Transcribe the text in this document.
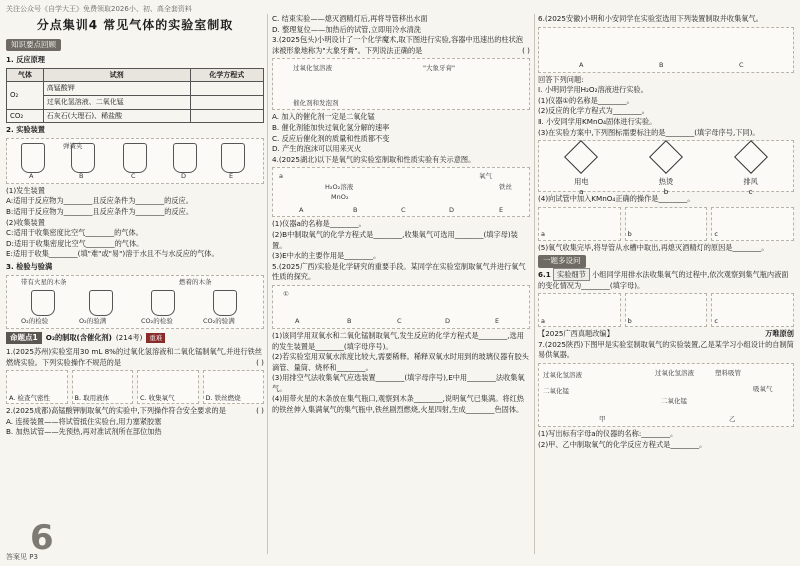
关注公众号《自学大王》免费领取2026小、初、高全套资料
分点集训4 常见气体的实验室制取
知识要点回顾
1. 反应原理
气体	试剂	化学方程式
O₂	高锰酸钾	
	过氧化氢溶液、二氧化锰	
CO₂	石灰石(大理石)、稀盐酸	
2. 实验装置
弹簧夹
A	B	C	D	E
(1)发生装置
A:适用于反应物为________且反应条件为________的反应。
B:适用于反应物为________且反应条件为________的反应。
(2)收集装置
C:适用于收集密度比空气________的气体。
D:适用于收集密度比空气________的气体。
E:适用于收集________(填"难"或"易")溶于水且不与水反应的气体。
3. 检验与验满
带有火星的木条	燃着的木条
O₂的检验	O₂的验满	CO₂的检验	CO₂的验满
命题点1	O₂的制取(含催化剂) (214考)	重难
1.(2025苏州)实验室用30 mL 8%的过氧化氢溶液和二氧化锰制氧气,并进行铁丝燃烧实验。下列实验操作不规范的是	( )
A. 检查气密性	B. 取用液体	C. 收集氧气	D. 铁丝燃烧
2.(2025成都)高锰酸钾制取氧气的实验中,下列操作符合安全要求的是	( )
A. 连接装置——将试管抵住实验台,用力塞紧胶塞
B. 加热试管——先预热,再对准试剂所在部位加热
6
答案见 P3
C. 结束实验——熄灭酒精灯后,再将导管移出水面
D. 整理复位——加热后的试管,立即用冷水清洗
3.(2025包头)小明设计了一个化学魔术,取下图进行实验,容器中迅速出的柱状泡沫被形象地称为"大象牙膏"。下列说法正确的是	( )
过氧化氢溶液	"大象牙膏"
催化剂和发泡剂
A. 加入的催化剂一定是二氧化锰
B. 催化剂能加快过氧化氢分解的速率
C. 反应后催化剂的质量和性质都不变
D. 产生的泡沫可以用来灭火
4.(2025湖北)以下是氧气的实验室制取和性质实验有关示意图。
a
H₂O₂溶液
MnO₂
氧气
铁丝
A	B	C	D	E
(1)仪器a的名称是________。
(2)B中制取氧气的化学方程式是________,收集氧气可选用________(填字母)装置。
(3)E中水的主要作用是________。
5.(2025广西)实验是化学研究的重要手段。某同学在实验室制取氧气并进行氧气性质的探究。
①
A	B	C	D	E
(1)该同学用双氧水和二氧化锰制取氧气,发生反应的化学方程式是________,选用的发生装置是________(填字母序号)。
(2)若实验室用双氧水浓度比较大,需要稀释。稀释双氧水时用到的玻璃仪器有胶头滴管、量筒、烧杯和________。
(3)用排空气法收集氧气应选装置________(填字母序号),E中用________法收集氧气。
(4)用带火星的木条放在集气瓶口,观察到木条________,说明氧气已集满。将红热的铁丝伸入集满氧气的集气瓶中,铁丝剧烈燃烧,火星四射,生成________色固体。
6.(2025安徽)小明和小安同学在实验室选用下列装置制取并收集氧气。
A	B	C
回答下列问题:
Ⅰ. 小明同学用H₂O₂溶液进行实验。
(1)仪器①的名称是________。
(2)反应的化学方程式为________。
Ⅱ. 小安同学用KMnO₄固体进行实验。
(3)在实验方案中,下列图标需要标注的是________(填字母序号,下同)。
用电
a
热烫
b
排风
c
(4)向试管中加入KMnO₄正确的操作是________。
a	b	c
(5)氧气收集完毕,将导管从水槽中取出,再熄灭酒精灯的原因是________。
一题多设问
6.1 实验细节 小组同学用排水法收集氧气的过程中,依次观察到集气瓶内液面的变化情况为________(填字母)。
a	b	c
【2025广西真题改编】	万唯原创
7.(2025陕西)下图甲是实验室制取氧气的实验装置,乙是某学习小组设计的自制简易供氧器。
过氧化氢溶液
二氧化锰
甲
过氧化氢溶液	塑料吸管
二氧化锰
乙
吸氧气
(1)写出标有字母a的仪器的名称:________。
(2)甲、乙中制取氧气的化学反应方程式是________。
